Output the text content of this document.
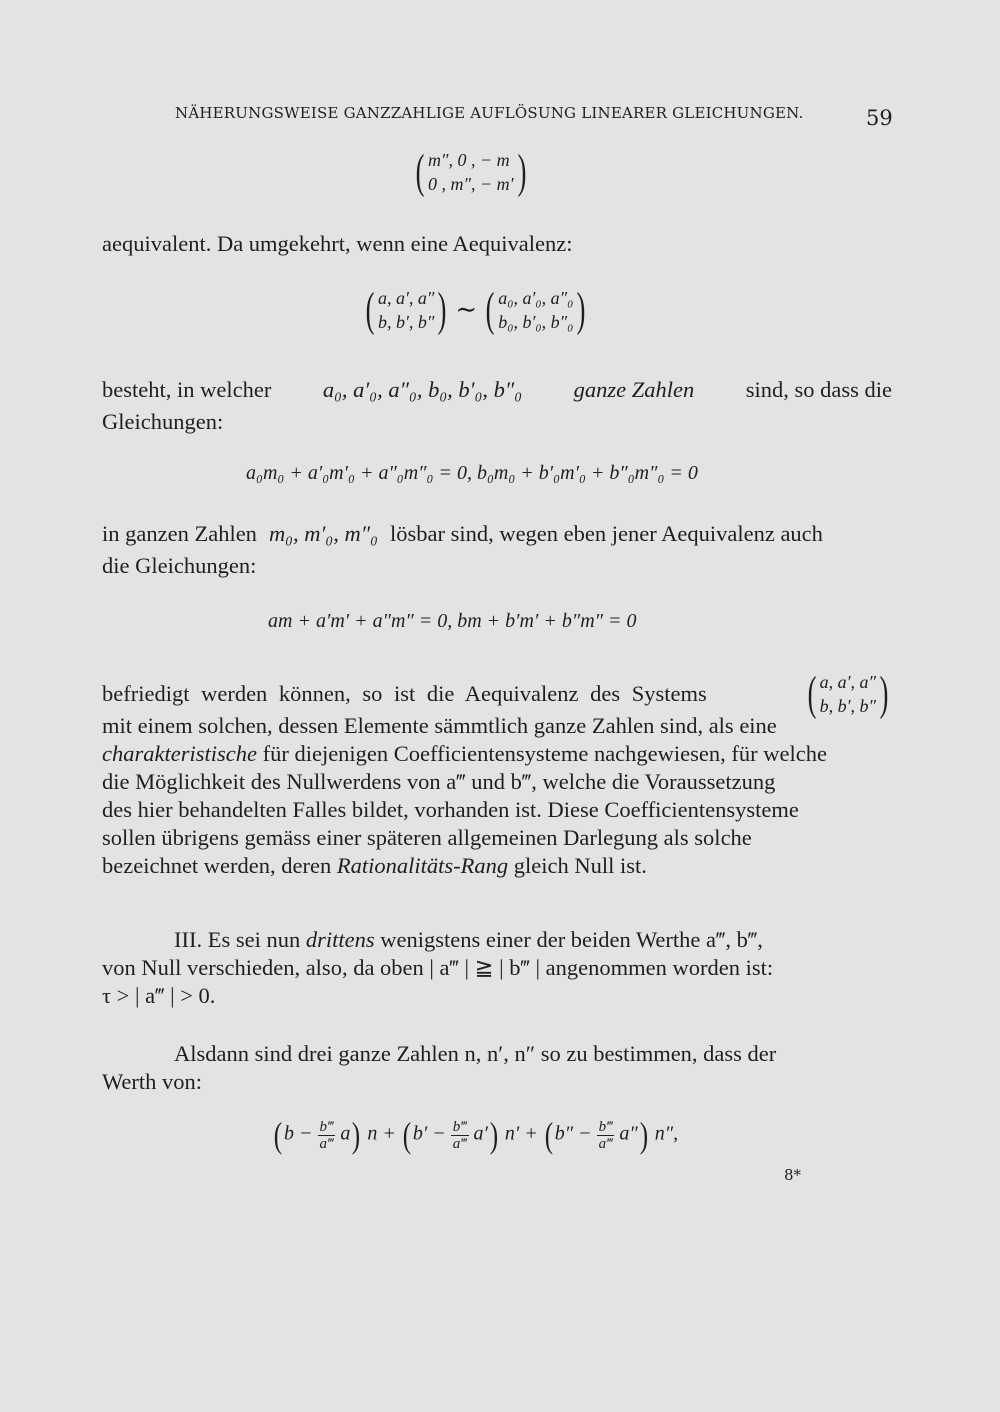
NÄHERUNGSWEISE GANZZAHLIGE AUFLÖSUNG LINEARER GLEICHUNGEN.	59
( m″, 0 , − m
0 , m″, − m′ )
aequivalent. Da umgekehrt, wenn eine Aequivalenz:
( a, a′, a″
b, b′, b″ ) ∼ ( a₀, a′₀, a″₀
b₀, b′₀, b″₀ )
besteht, in welcher a₀, a′₀, a″₀, b₀, b′₀, b″₀ ganze Zahlen sind, so dass die
Gleichungen:
a₀m₀ + a′₀m′₀ + a″₀m″₀ = 0, b₀m₀ + b′₀m′₀ + b″₀m″₀ = 0
in ganzen Zahlen m₀, m′₀, m″₀ lösbar sind, wegen eben jener Aequivalenz auch
die Gleichungen:
am + a′m′ + a″m″ = 0, bm + b′m′ + b″m″ = 0
befriedigt werden können, so ist die Aequivalenz des Systems ( a, a′, a″
b, b′, b″ )
mit einem solchen, dessen Elemente sämmtlich ganze Zahlen sind, als eine
charakteristische für diejenigen Coefficientensysteme nachgewiesen, für welche
die Möglichkeit des Nullwerdens von a‴ und b‴, welche die Voraussetzung
des hier behandelten Falles bildet, vorhanden ist. Diese Coefficientensysteme
sollen übrigens gemäss einer späteren allgemeinen Darlegung als solche
bezeichnet werden, deren Rationalitäts-Rang gleich Null ist.
III. Es sei nun drittens wenigstens einer der beiden Werthe a‴, b‴,
von Null verschieden, also, da oben | a‴ | ≧ | b‴ | angenommen worden ist:
τ > | a‴ | > 0.
Alsdann sind drei ganze Zahlen n, n′, n″ so zu bestimmen, dass der
Werth von:
$(b - \frac{b‴}{a‴} a)$ $n + (b' - \frac{b‴}{a‴} a')$ $n' + (b'' - \frac{b‴}{a‴} a'')$ n″,
8*
